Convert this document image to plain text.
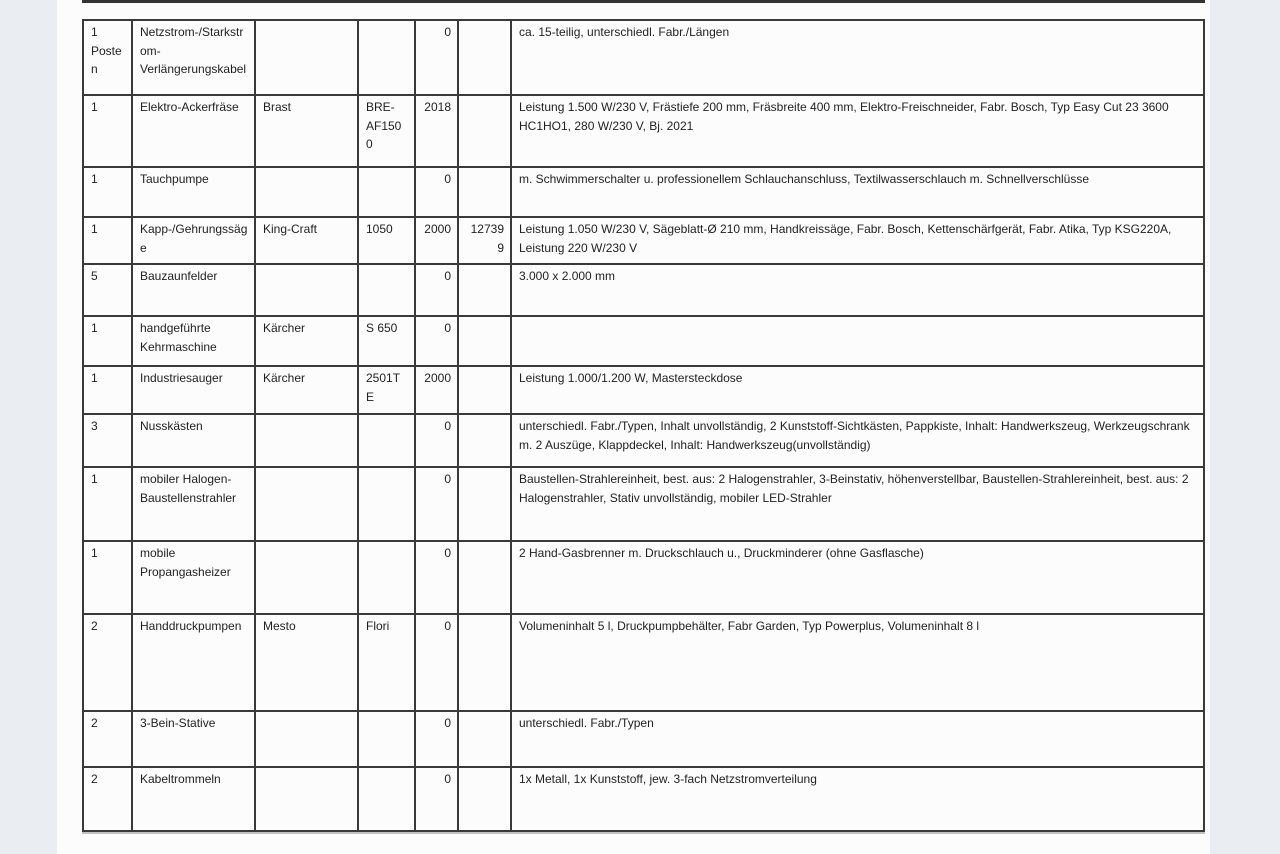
1 Posten	Netzstrom-/Starkstrom-Verlängerungskabel			0		ca. 15-teilig, unterschiedl. Fabr./Längen
1	Elektro-Ackerfräse	Brast	BRE-AF1500	2018		Leistung 1.500 W/230 V, Frästiefe 200 mm, Fräsbreite 400 mm, Elektro-Freischneider, Fabr. Bosch, Typ Easy Cut 23 3600 HC1HO1, 280 W/230 V, Bj. 2021
1	Tauchpumpe			0		m. Schwimmerschalter u. professionellem Schlauchanschluss, Textilwasserschlauch m. Schnellverschlüsse
1	Kapp-/Gehrungssäge	King-Craft	1050	2000	127399	Leistung 1.050 W/230 V, Sägeblatt-Ø 210 mm, Handkreissäge, Fabr. Bosch, Kettenschärfgerät, Fabr. Atika, Typ KSG220A, Leistung 220 W/230 V
5	Bauzaunfelder			0		3.000 x 2.000 mm
1	handgeführte Kehrmaschine	Kärcher	S 650	0		
1	Industriesauger	Kärcher	2501TE	2000		Leistung 1.000/1.200 W, Mastersteckdose
3	Nusskästen			0		unterschiedl. Fabr./Typen, Inhalt unvollständig, 2 Kunststoff-Sichtkästen, Pappkiste, Inhalt: Handwerkszeug, Werkzeugschrank m. 2 Auszüge, Klappdeckel, Inhalt: Handwerkszeug(unvollständig)
1	mobiler Halogen-Baustellenstrahler			0		Baustellen-Strahlereinheit, best. aus: 2 Halogenstrahler, 3-Beinstativ, höhenverstellbar, Baustellen-Strahlereinheit, best. aus: 2 Halogenstrahler, Stativ unvollständig, mobiler LED-Strahler
1	mobile Propangasheizer			0		2 Hand-Gasbrenner m. Druckschlauch u., Druckminderer (ohne Gasflasche)
2	Handdruckpumpen	Mesto	Flori	0		Volumeninhalt 5 l, Druckpumpbehälter, Fabr Garden, Typ Powerplus, Volumeninhalt 8 l
2	3-Bein-Stative			0		unterschiedl. Fabr./Typen
2	Kabeltrommeln			0		1x Metall, 1x Kunststoff, jew. 3-fach Netzstromverteilung
